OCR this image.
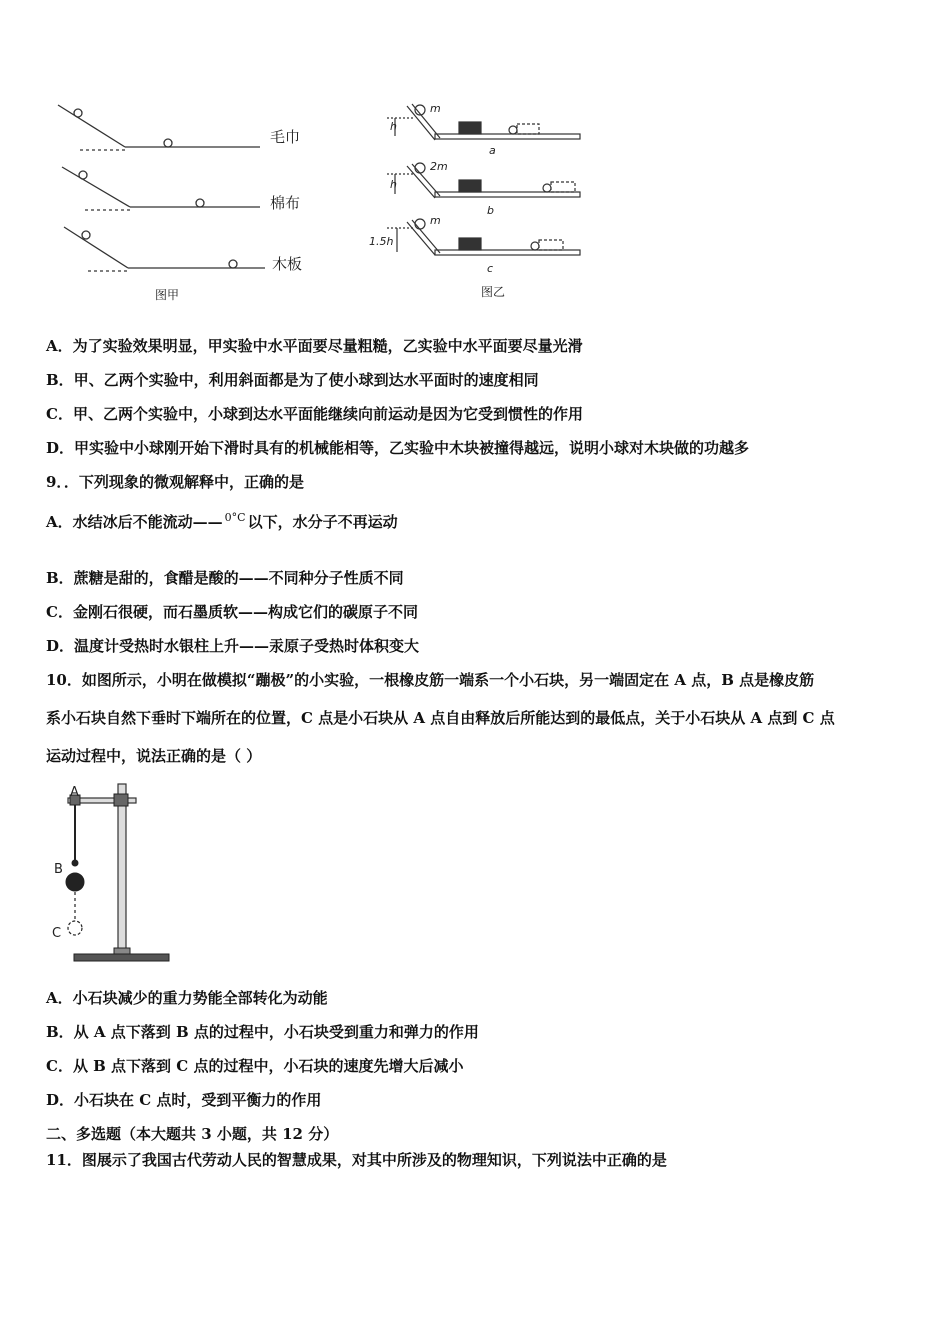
毛巾
棉布
木板
图甲
h
m
a
h
2m
b
1.5h
m
c
图乙
A．为了实验效果明显，甲实验中水平面要尽量粗糙，乙实验中水平面要尽量光滑
B．甲、乙两个实验中，利用斜面都是为了使小球到达水平面时的速度相同
C．甲、乙两个实验中，小球到达水平面能继续向前运动是因为它受到惯性的作用
D．甲实验中小球刚开始下滑时具有的机械能相等，乙实验中木块被撞得越远，说明小球对木块做的功越多
9．．下列现象的微观解释中，正确的是
A．水结冰后不能流动—— $^{0^\circ C}$ 以下，水分子不再运动
B．蔗糖是甜的，食醋是酸的——不同种分子性质不同
C．金刚石很硬，而石墨质软——构成它们的碳原子不同
D．温度计受热时水银柱上升——汞原子受热时体积变大
10．如图所示，小明在做模拟“蹦极”的小实验，一根橡皮筋一端系一个小石块，另一端固定在 A 点，B 点是橡皮筋
系小石块自然下垂时下端所在的位置，C 点是小石块从 A 点自由释放后所能达到的最低点，关于小石块从 A 点到 C 点
运动过程中，说法正确的是（ ）
A
B
C
A．小石块减少的重力势能全部转化为动能
B．从 A 点下落到 B 点的过程中，小石块受到重力和弹力的作用
C．从 B 点下落到 C 点的过程中，小石块的速度先增大后减小
D．小石块在 C 点时，受到平衡力的作用
二、多选题（本大题共 3 小题，共 12 分）
11．图展示了我国古代劳动人民的智慧成果，对其中所涉及的物理知识，下列说法中正确的是
